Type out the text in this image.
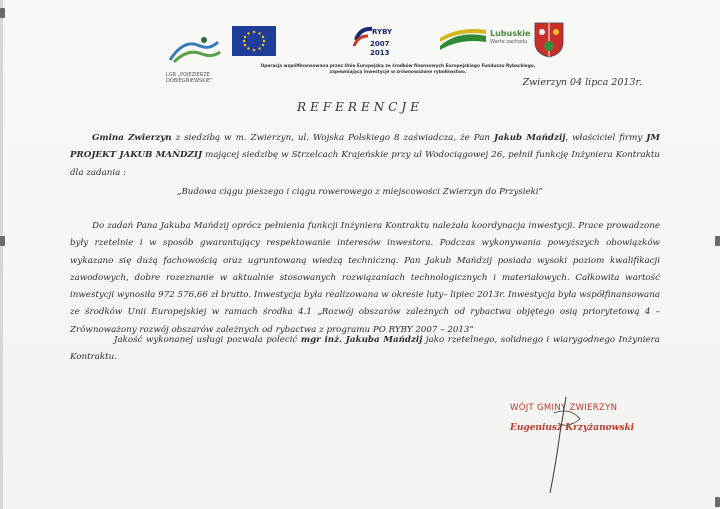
LGR „POJEZIERZE DOBIEGNIEWSKIE”
RYBY
2007
2013
Lubuskie
Warte zachodu
Operacja współfinansowana przez Unię Europejską ze środków finansowych Europejskiego Funduszu Rybackiego, zapewniającą inwestycje w zrównoważone rybołówstwo.
Zwierzyn 04 lipca 2013r.
REFERENCJE
Gmina Zwierzyn z siedzibą w m. Zwierzyn, ul. Wojska Polskiego 8 zaświadcza, że Pan Jakub Mańdzij, właściciel firmy JM PROJEKT JAKUB MAŃDZIJ mającej siedzibę w Strzelcach Krajeńskie przy ul Wodociągowej 26, pełnił funkcję Inżyniera Kontraktu dla zadania :
„Budowa ciągu pieszego i ciągu rowerowego z miejscowości Zwierzyn do Przysieki”
Do zadań Pana Jakuba Mańdzij oprócz pełnienia funkcji Inżyniera Kontraktu należała koordynacja inwestycji. Prace prowadzone były rzetelnie i w sposób gwarantujący respektowanie interesów inwestora. Podczas wykonywania powyższych obowiązków wykazano się dużą fachowością oraz ugruntowaną wiedzą techniczną. Pan Jakub Mańdzij posiada wysoki poziom kwalifikacji zawodowych, dobre rozeznanie w aktualnie stosowanych rozwiązaniach technologicznych i materiałowych. Całkowita wartość inwestycji wynosiła 972 576,66 zł brutto. Inwestycja była realizowana w okresie luty– lipiec 2013r. Inwestycja była współfinansowana ze środków Unii Europejskiej w ramach środka 4.1 „Rozwój obszarów zależnych od rybactwa objętego osią priorytetową 4 – Zrównoważony rozwój obszarów zależnych od rybactwa z programu PO RYBY 2007 – 2013”
Jakość wykonanej usługi pozwala polecić mgr inż. Jakuba Mańdzij jako rzetelnego, solidnego i wiarygodnego Inżyniera Kontraktu.
WÓJT GMINY ZWIERZYN
Eugeniusz Krzyżanowski
